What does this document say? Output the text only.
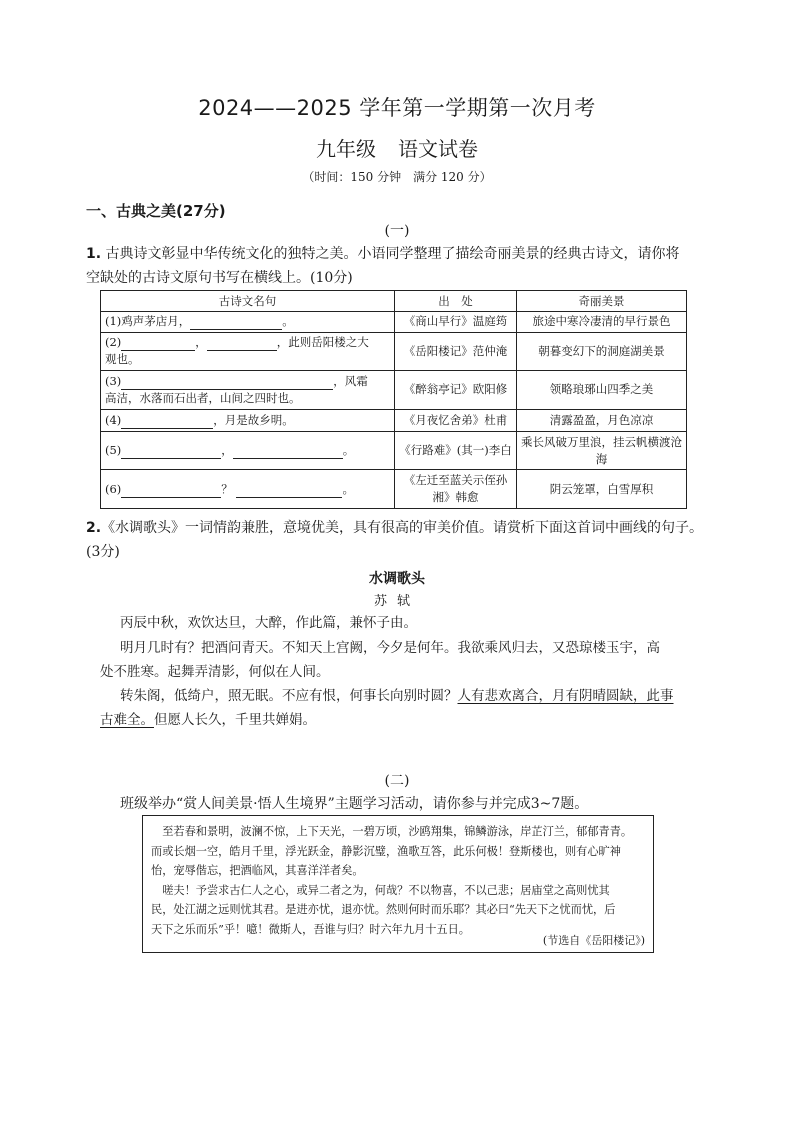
2024——2025 学年第一学期第一次月考
九年级 语文试卷
（时间：150 分钟　满分 120 分）
一、古典之美(27分)
(一)
1. 古典诗文彰显中华传统文化的独特之美。小语同学整理了描绘奇丽美景的经典古诗文，请你将
空缺处的古诗文原句书写在横线上。(10分)
古诗文名句	出　处	奇丽美景
(1)鸡声茅店月， 。	《商山早行》温庭筠	旅途中寒冷凄清的早行景色
(2) ， ，此则岳阳楼之大
观也。	《岳阳楼记》范仲淹	朝暮变幻下的洞庭湖美景
(3) ，风霜
高洁，水落而石出者，山间之四时也。	《醉翁亭记》欧阳修	领略琅琊山四季之美
(4) ，月是故乡明。	《月夜忆舍弟》杜甫	清露盈盈，月色凉凉
(5) ， 。	《行路难》(其一)李白	乘长风破万里浪，挂云帆横渡沧海
(6) ？ 。	《左迁至蓝关示侄孙湘》韩愈	阴云笼罩，白雪厚积
2.《水调歌头》一词情韵兼胜，意境优美，具有很高的审美价值。请赏析下面这首词中画线的句子。
(3分)
水调歌头
苏轼
丙辰中秋，欢饮达旦，大醉，作此篇，兼怀子由。
明月几时有？把酒问青天。不知天上宫阙，今夕是何年。我欲乘风归去，又恐琼楼玉宇，高
处不胜寒。起舞弄清影，何似在人间。
转朱阁，低绮户，照无眠。不应有恨，何事长向别时圆？人有悲欢离合，月有阴晴圆缺，此事
古难全。但愿人长久，千里共婵娟。
(二)
班级举办“赏人间美景·悟人生境界”主题学习活动，请你参与并完成3~7题。
　至若春和景明，波澜不惊，上下天光，一碧万顷，沙鸥翔集，锦鳞游泳，岸芷汀兰，郁郁青青。
而或长烟一空，皓月千里，浮光跃金，静影沉璧，渔歌互答，此乐何极！登斯楼也，则有心旷神
怡，宠辱偕忘，把酒临风，其喜洋洋者矣。
　嗟夫！予尝求古仁人之心，或异二者之为，何哉？不以物喜，不以己悲；居庙堂之高则忧其
民，处江湖之远则忧其君。是进亦忧，退亦忧。然则何时而乐耶？其必曰“先天下之忧而忧，后
天下之乐而乐”乎！噫！微斯人，吾谁与归？时六年九月十五日。
(节选自《岳阳楼记》)
